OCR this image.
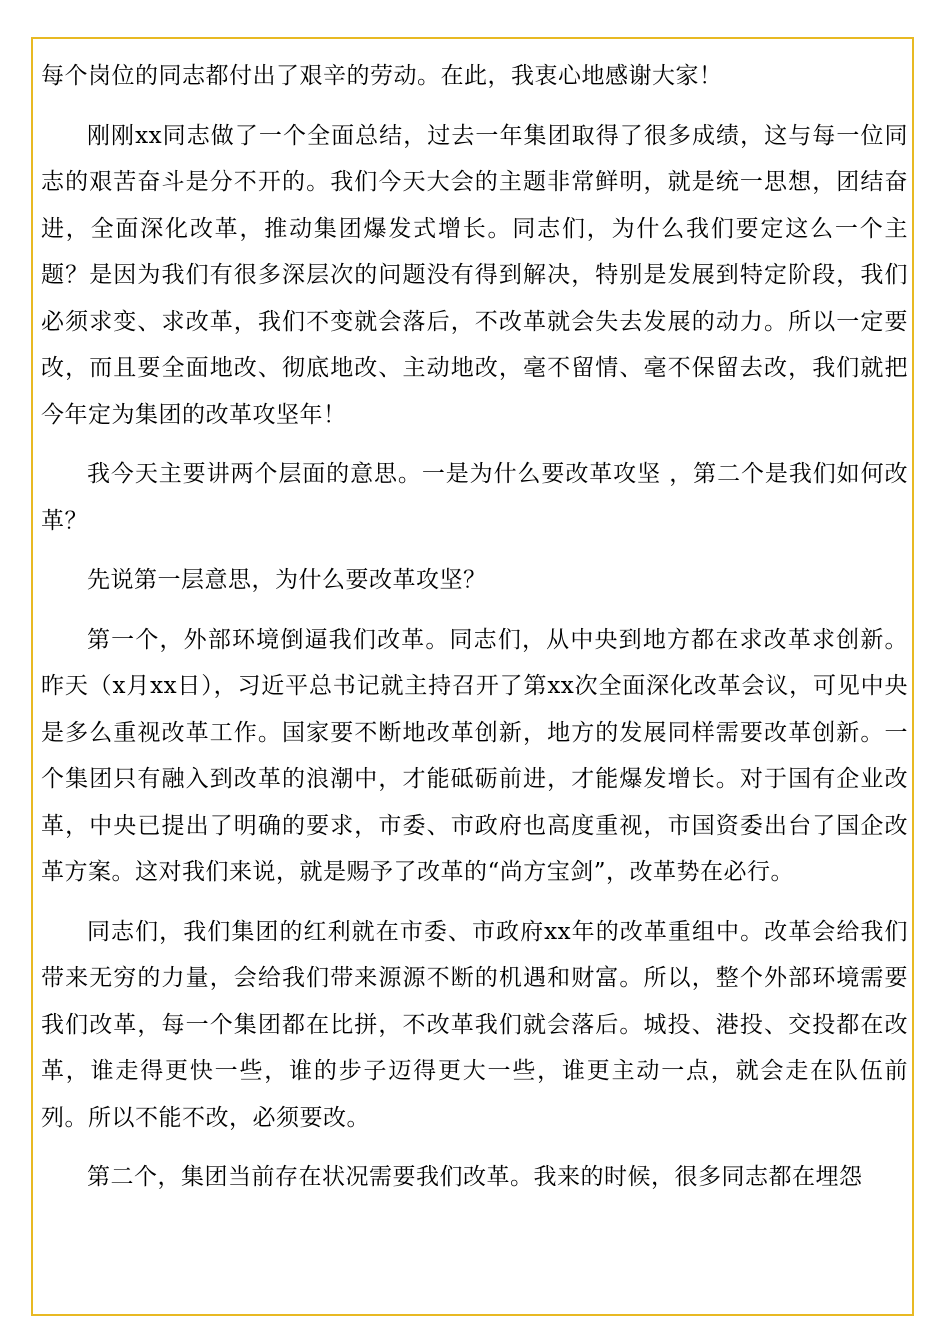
每个岗位的同志都付出了艰辛的劳动。在此，我衷心地感谢大家！

刚刚xx同志做了一个全面总结，过去一年集团取得了很多成绩，这与每一位同志的艰苦奋斗是分不开的。我们今天大会的主题非常鲜明，就是统一思想，团结奋进，全面深化改革，推动集团爆发式增长。同志们，为什么我们要定这么一个主题？是因为我们有很多深层次的问题没有得到解决，特别是发展到特定阶段，我们必须求变、求改革，我们不变就会落后，不改革就会失去发展的动力。所以一定要改，而且要全面地改、彻底地改、主动地改，毫不留情、毫不保留去改，我们就把今年定为集团的改革攻坚年！

我今天主要讲两个层面的意思。一是为什么要改革攻坚 ，第二个是我们如何改革？

先说第一层意思，为什么要改革攻坚？

第一个，外部环境倒逼我们改革。同志们，从中央到地方都在求改革求创新。昨天（x月xx日），习近平总书记就主持召开了第xx次全面深化改革会议，可见中央是多么重视改革工作。国家要不断地改革创新，地方的发展同样需要改革创新。一个集团只有融入到改革的浪潮中，才能砥砺前进，才能爆发增长。对于国有企业改革，中央已提出了明确的要求，市委、市政府也高度重视，市国资委出台了国企改革方案。这对我们来说，就是赐予了改革的“尚方宝剑”，改革势在必行。

同志们，我们集团的红利就在市委、市政府xx年的改革重组中。改革会给我们带来无穷的力量，会给我们带来源源不断的机遇和财富。所以，整个外部环境需要我们改革，每一个集团都在比拼，不改革我们就会落后。城投、港投、交投都在改革，谁走得更快一些，谁的步子迈得更大一些，谁更主动一点，就会走在队伍前列。所以不能不改，必须要改。

第二个，集团当前存在状况需要我们改革。我来的时候，很多同志都在埋怨
